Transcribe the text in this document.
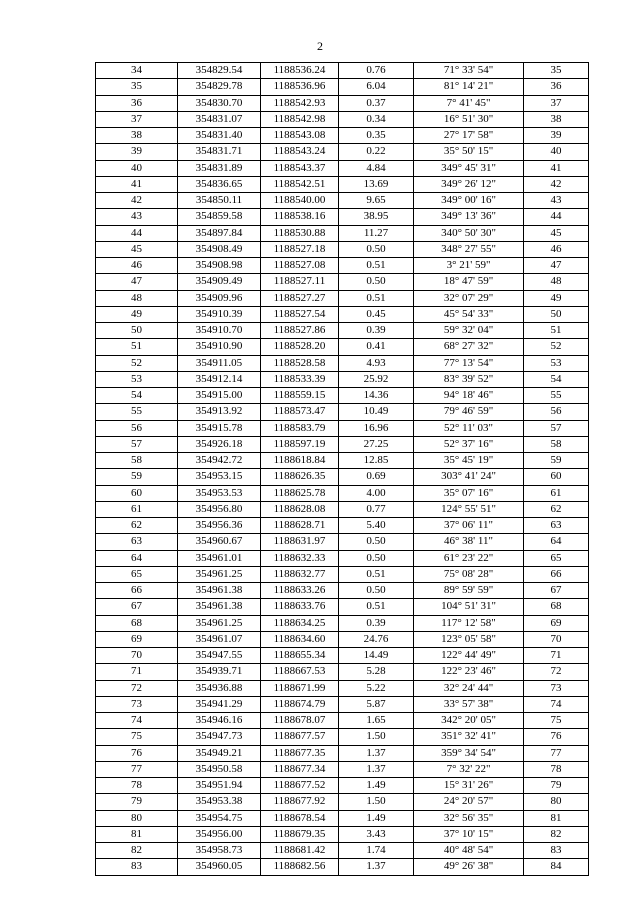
2
34	354829.54	1188536.24	0.76	71° 33' 54"	35
35	354829.78	1188536.96	6.04	81° 14' 21"	36
36	354830.70	1188542.93	0.37	7° 41' 45"	37
37	354831.07	1188542.98	0.34	16° 51' 30"	38
38	354831.40	1188543.08	0.35	27° 17' 58"	39
39	354831.71	1188543.24	0.22	35° 50' 15"	40
40	354831.89	1188543.37	4.84	349° 45' 31"	41
41	354836.65	1188542.51	13.69	349° 26' 12"	42
42	354850.11	1188540.00	9.65	349° 00' 16"	43
43	354859.58	1188538.16	38.95	349° 13' 36"	44
44	354897.84	1188530.88	11.27	340° 50' 30"	45
45	354908.49	1188527.18	0.50	348° 27' 55"	46
46	354908.98	1188527.08	0.51	3° 21' 59"	47
47	354909.49	1188527.11	0.50	18° 47' 59"	48
48	354909.96	1188527.27	0.51	32° 07' 29"	49
49	354910.39	1188527.54	0.45	45° 54' 33"	50
50	354910.70	1188527.86	0.39	59° 32' 04"	51
51	354910.90	1188528.20	0.41	68° 27' 32"	52
52	354911.05	1188528.58	4.93	77° 13' 54"	53
53	354912.14	1188533.39	25.92	83° 39' 52"	54
54	354915.00	1188559.15	14.36	94° 18' 46"	55
55	354913.92	1188573.47	10.49	79° 46' 59"	56
56	354915.78	1188583.79	16.96	52° 11' 03"	57
57	354926.18	1188597.19	27.25	52° 37' 16"	58
58	354942.72	1188618.84	12.85	35° 45' 19"	59
59	354953.15	1188626.35	0.69	303° 41' 24"	60
60	354953.53	1188625.78	4.00	35° 07' 16"	61
61	354956.80	1188628.08	0.77	124° 55' 51"	62
62	354956.36	1188628.71	5.40	37° 06' 11"	63
63	354960.67	1188631.97	0.50	46° 38' 11"	64
64	354961.01	1188632.33	0.50	61° 23' 22"	65
65	354961.25	1188632.77	0.51	75° 08' 28"	66
66	354961.38	1188633.26	0.50	89° 59' 59"	67
67	354961.38	1188633.76	0.51	104° 51' 31"	68
68	354961.25	1188634.25	0.39	117° 12' 58"	69
69	354961.07	1188634.60	24.76	123° 05' 58"	70
70	354947.55	1188655.34	14.49	122° 44' 49"	71
71	354939.71	1188667.53	5.28	122° 23' 46"	72
72	354936.88	1188671.99	5.22	32° 24' 44"	73
73	354941.29	1188674.79	5.87	33° 57' 38"	74
74	354946.16	1188678.07	1.65	342° 20' 05"	75
75	354947.73	1188677.57	1.50	351° 32' 41"	76
76	354949.21	1188677.35	1.37	359° 34' 54"	77
77	354950.58	1188677.34	1.37	7° 32' 22"	78
78	354951.94	1188677.52	1.49	15° 31' 26"	79
79	354953.38	1188677.92	1.50	24° 20' 57"	80
80	354954.75	1188678.54	1.49	32° 56' 35"	81
81	354956.00	1188679.35	3.43	37° 10' 15"	82
82	354958.73	1188681.42	1.74	40° 48' 54"	83
83	354960.05	1188682.56	1.37	49° 26' 38"	84
